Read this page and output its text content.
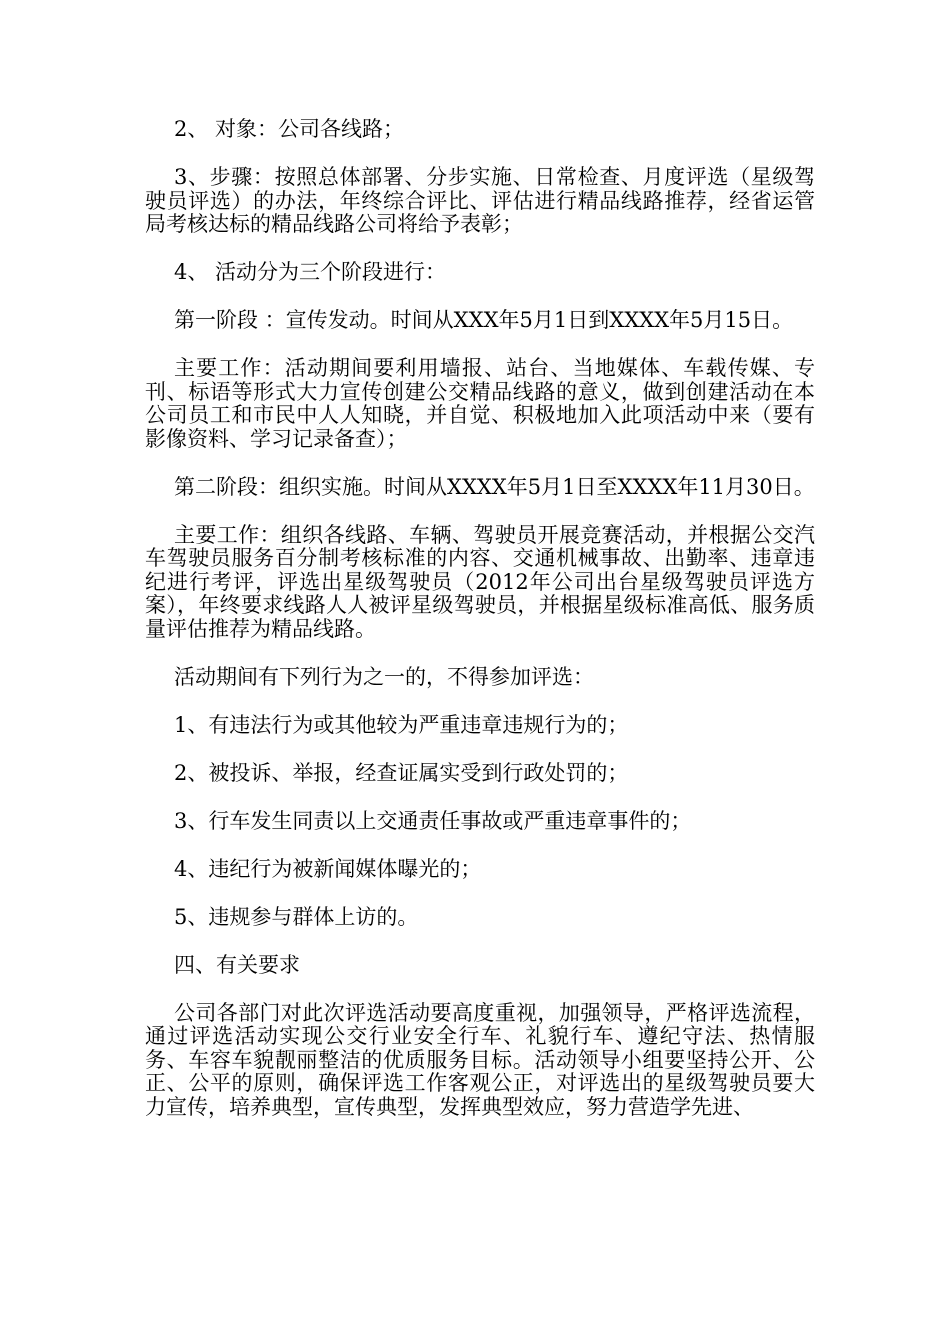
2、 对象：公司各线路；

3、步骤：按照总体部署、分步实施、日常检查、月度评选（星级驾驶员评选）的办法，年终综合评比、评估进行精品线路推荐，经省运管局考核达标的精品线路公司将给予表彰；

4、 活动分为三个阶段进行：

第一阶段 ：宣传发动。时间从XXX年5月1日到XXXX年5月15日。

主要工作：活动期间要利用墙报、站台、当地媒体、车载传媒、专刊、标语等形式大力宣传创建公交精品线路的意义，做到创建活动在本公司员工和市民中人人知晓，并自觉、积极地加入此项活动中来（要有影像资料、学习记录备查）；

第二阶段：组织实施。时间从XXXX年5月1日至XXXX年11月30日。

主要工作：组织各线路、车辆、驾驶员开展竞赛活动，并根据公交汽车驾驶员服务百分制考核标准的内容、交通机械事故、出勤率、违章违纪进行考评，评选出星级驾驶员（2012年公司出台星级驾驶员评选方案），年终要求线路人人被评星级驾驶员，并根据星级标准高低、服务质量评估推荐为精品线路。

活动期间有下列行为之一的，不得参加评选：

1、有违法行为或其他较为严重违章违规行为的；

2、被投诉、举报，经查证属实受到行政处罚的；

3、行车发生同责以上交通责任事故或严重违章事件的；

4、违纪行为被新闻媒体曝光的；

5、违规参与群体上访的。

四、有关要求

公司各部门对此次评选活动要高度重视，加强领导，严格评选流程，通过评选活动实现公交行业安全行车、礼貌行车、遵纪守法、热情服务、车容车貌靓丽整洁的优质服务目标。活动领导小组要坚持公开、公正、公平的原则，确保评选工作客观公正，对评选出的星级驾驶员要大力宣传，培养典型，宣传典型，发挥典型效应，努力营造学先进、
